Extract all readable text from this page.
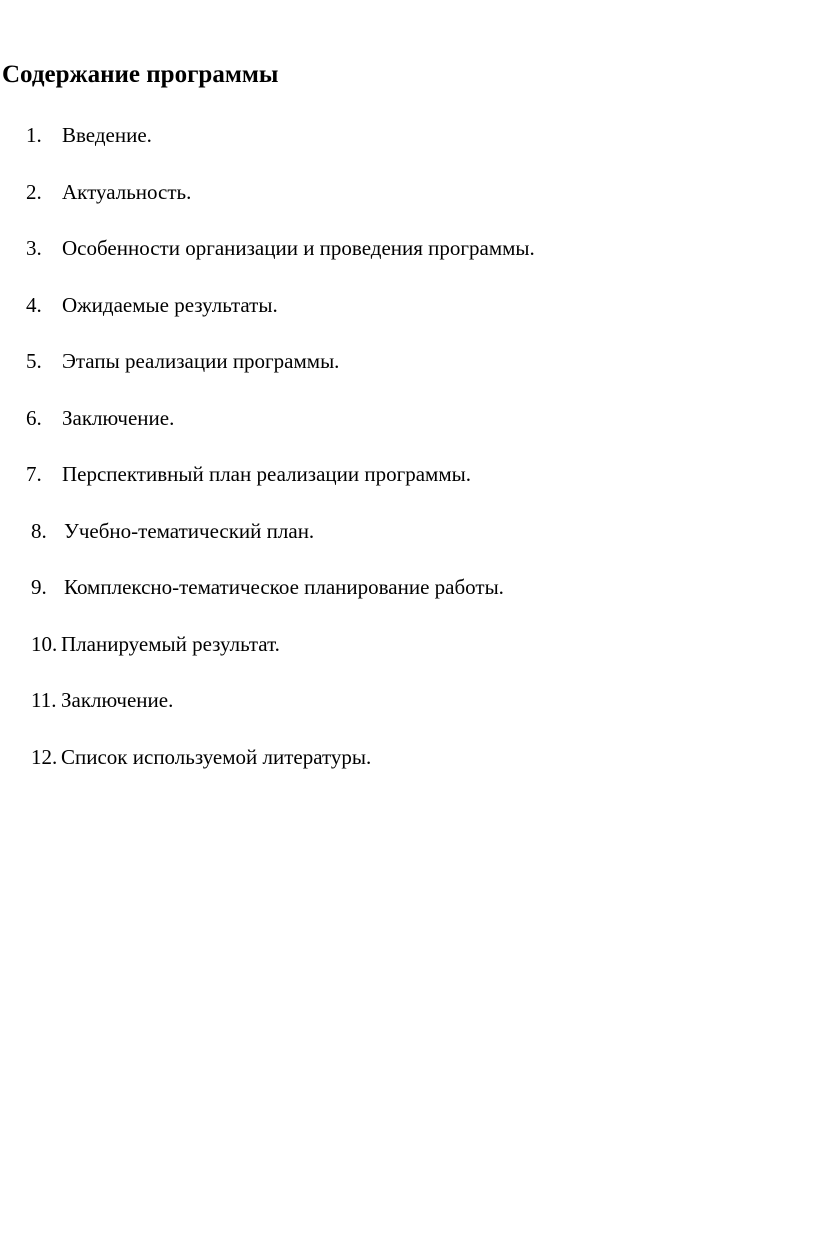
Содержание программы
1. Введение.
2. Актуальность.
3. Особенности организации и проведения программы.
4. Ожидаемые результаты.
5. Этапы реализации программы.
6. Заключение.
7. Перспективный план реализации программы.
8. Учебно-тематический план.
9. Комплексно-тематическое планирование работы.
10. Планируемый результат.
11. Заключение.
12. Список используемой литературы.
